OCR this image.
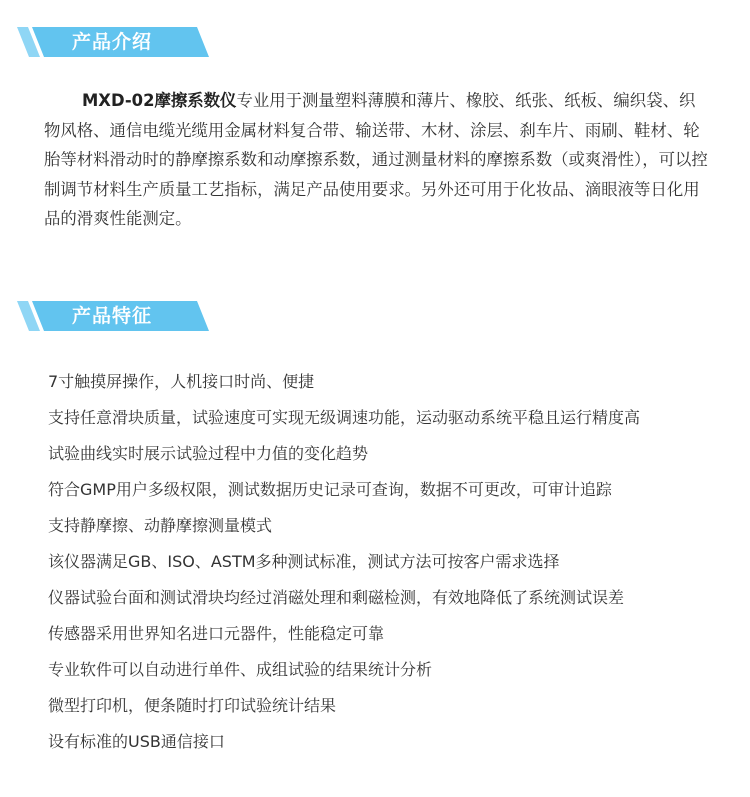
产品介绍

MXD-02摩擦系数仪专业用于测量塑料薄膜和薄片、橡胶、纸张、纸板、编织袋、织物风格、通信电缆光缆用金属材料复合带、输送带、木材、涂层、刹车片、雨刷、鞋材、轮胎等材料滑动时的静摩擦系数和动摩擦系数，通过测量材料的摩擦系数（或爽滑性），可以控制调节材料生产质量工艺指标，满足产品使用要求。另外还可用于化妆品、滴眼液等日化用品的滑爽性能测定。

产品特征
7寸触摸屏操作，人机接口时尚、便捷
支持任意滑块质量，试验速度可实现无级调速功能，运动驱动系统平稳且运行精度高
试验曲线实时展示试验过程中力值的变化趋势
符合GMP用户多级权限，测试数据历史记录可查询，数据不可更改，可审计追踪
支持静摩擦、动静摩擦测量模式
该仪器满足GB、ISO、ASTM多种测试标准，测试方法可按客户需求选择
仪器试验台面和测试滑块均经过消磁处理和剩磁检测，有效地降低了系统测试误差
传感器采用世界知名进口元器件，性能稳定可靠
专业软件可以自动进行单件、成组试验的结果统计分析
微型打印机，便条随时打印试验统计结果
设有标准的USB通信接口
